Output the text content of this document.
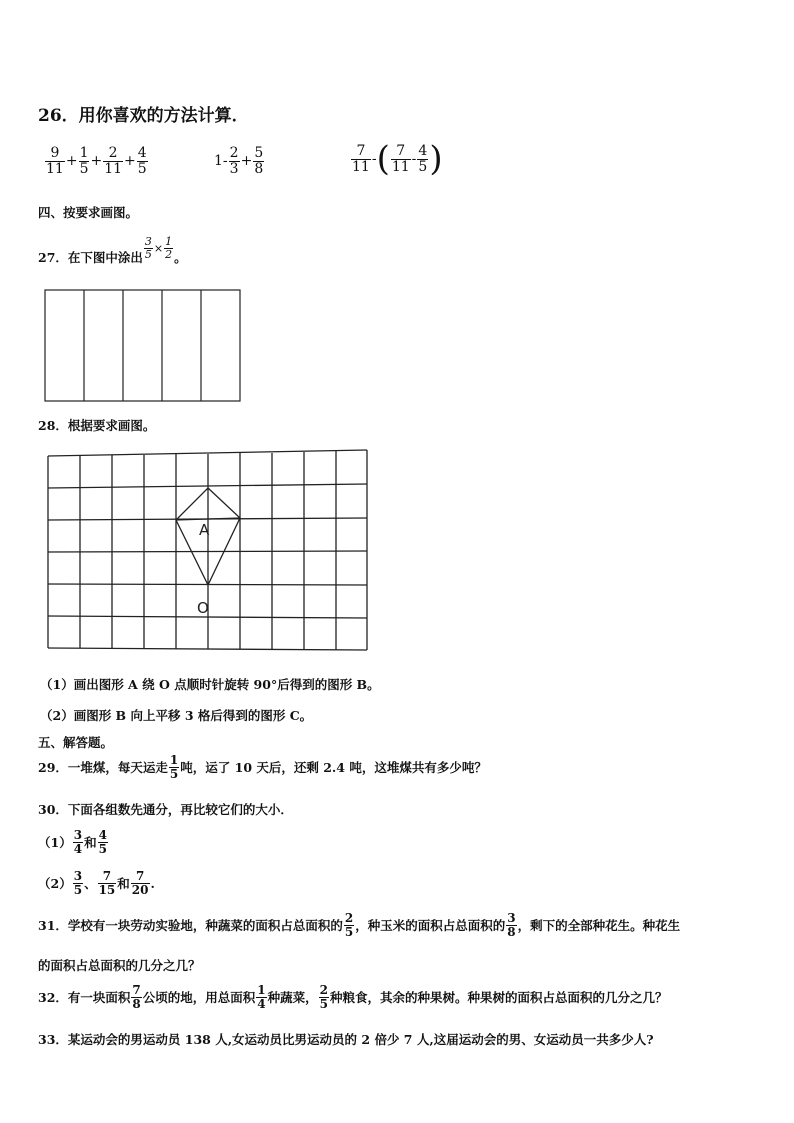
26．用你喜欢的方法计算．
$\frac{9}{11} + \frac{1}{5} + \frac{2}{11} + \frac{4}{5}$	$1 - \frac{2}{3} + \frac{5}{8}$	$\frac{7}{11}$ - ( $\frac{7}{11} - \frac{4}{5}$ )
四、按要求画图。
27．在下图中涂出 $\frac{3}{5} \times \frac{1}{2}$ 。
28．根据要求画图。
A
O
（1）画出图形 A 绕 O 点顺时针旋转 90°后得到的图形 B。
（2）画图形 B 向上平移 3 格后得到的图形 C。
五、解答题。
29．一堆煤，每天运走 $\frac{1}{5}$ 吨，运了 10 天后，还剩 2.4 吨，这堆煤共有多少吨？
30．下面各组数先通分，再比较它们的大小．
$(1) \frac{3}{4}$ 和 $\frac{4}{5}$
$(2) \frac{3}{5}$ 、 $\frac{7}{15}$ 和 $\frac{7}{20}$ .
31．学校有一块劳动实验地，种蔬菜的面积占总面积的 $\frac{2}{5}$ ，种玉米的面积占总面积的 $\frac{3}{8}$ ，剩下的全部种花生。种花生
的面积占总面积的几分之几？
32．有一块面积 $\frac{7}{8}$ 公顷的地，用总面积 $\frac{1}{4}$ 种蔬菜， $\frac{2}{5}$ 种粮食，其余的种果树。种果树的面积占总面积的几分之几？
33．某运动会的男运动员 138 人,女运动员比男运动员的 2 倍少 7 人,这届运动会的男、女运动员一共多少人?
